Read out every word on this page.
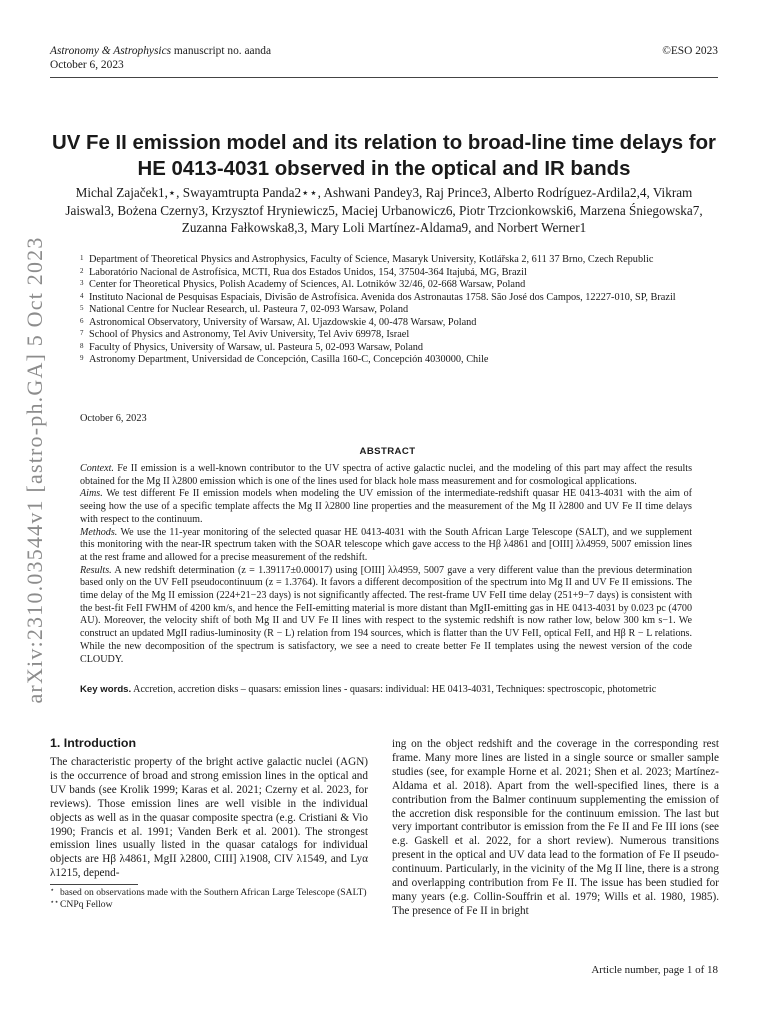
Astronomy & Astrophysics manuscript no. aanda
October 6, 2023
©ESO 2023
arXiv:2310.03544v1 [astro-ph.GA] 5 Oct 2023
UV Fe II emission model and its relation to broad-line time delays for HE 0413-4031 observed in the optical and IR bands
Michal Zajaček1,⋆, Swayamtrupta Panda2⋆⋆, Ashwani Pandey3, Raj Prince3, Alberto Rodríguez-Ardila2,4, Vikram Jaiswal3, Bożena Czerny3, Krzysztof Hryniewicz5, Maciej Urbanowicz6, Piotr Trzcionkowski6, Marzena Śniegowska7, Zuzanna Fałkowska8,3, Mary Loli Martínez-Aldama9, and Norbert Werner1
1 Department of Theoretical Physics and Astrophysics, Faculty of Science, Masaryk University, Kotlářska 2, 611 37 Brno, Czech Republic
2 Laboratório Nacional de Astrofísica, MCTI, Rua dos Estados Unidos, 154, 37504-364 Itajubá, MG, Brazil
3 Center for Theoretical Physics, Polish Academy of Sciences, Al. Lotników 32/46, 02-668 Warsaw, Poland
4 Instituto Nacional de Pesquisas Espaciais, Divisão de Astrofísica. Avenida dos Astronautas 1758. São José dos Campos, 12227-010, SP, Brazil
5 National Centre for Nuclear Research, ul. Pasteura 7, 02-093 Warsaw, Poland
6 Astronomical Observatory, University of Warsaw, Al. Ujazdowskie 4, 00-478 Warsaw, Poland
7 School of Physics and Astronomy, Tel Aviv University, Tel Aviv 69978, Israel
8 Faculty of Physics, University of Warsaw, ul. Pasteura 5, 02-093 Warsaw, Poland
9 Astronomy Department, Universidad de Concepción, Casilla 160-C, Concepción 4030000, Chile
October 6, 2023
ABSTRACT

Context. Fe II emission is a well-known contributor to the UV spectra of active galactic nuclei, and the modeling of this part may affect the results obtained for the Mg II λ2800 emission which is one of the lines used for black hole mass measurement and for cosmological applications.

Aims. We test different Fe II emission models when modeling the UV emission of the intermediate-redshift quasar HE 0413-4031 with the aim of seeing how the use of a specific template affects the Mg II λ2800 line properties and the measurement of the Mg II λ2800 and UV Fe II time delays with respect to the continuum.

Methods. We use the 11-year monitoring of the selected quasar HE 0413-4031 with the South African Large Telescope (SALT), and we supplement this monitoring with the near-IR spectrum taken with the SOAR telescope which gave access to the Hβ λ4861 and [OIII] λλ4959, 5007 emission lines at the rest frame and allowed for a precise measurement of the redshift.

Results. A new redshift determination (z = 1.39117±0.00017) using [OIII] λλ4959, 5007 gave a very different value than the previous determination based only on the UV FeII pseudocontinuum (z = 1.3764). It favors a different decomposition of the spectrum into Mg II and UV Fe II emissions. The time delay of the Mg II emission (224+21−23 days) is not significantly affected. The rest-frame UV FeII time delay (251+9−7 days) is consistent with the best-fit FeII FWHM of 4200 km/s, and hence the FeII-emitting material is more distant than MgII-emitting gas in HE 0413-4031 by 0.023 pc (4700 AU). Moreover, the velocity shift of both Mg II and UV Fe II lines with respect to the systemic redshift is now rather low, below 300 km s−1. We construct an updated MgII radius-luminosity (R − L) relation from 194 sources, which is flatter than the UV FeII, optical FeII, and Hβ R − L relations. While the new decomposition of the spectrum is satisfactory, we see a need to create better Fe II templates using the newest version of the code CLOUDY.

Key words. Accretion, accretion disks – quasars: emission lines - quasars: individual: HE 0413-4031, Techniques: spectroscopic, photometric
1. Introduction

The characteristic property of the bright active galactic nuclei (AGN) is the occurrence of broad and strong emission lines in the optical and UV bands (see Krolik 1999; Karas et al. 2021; Czerny et al. 2023, for reviews). Those emission lines are well visible in the individual objects as well as in the quasar composite spectra (e.g. Cristiani & Vio 1990; Francis et al. 1991; Vanden Berk et al. 2001). The strongest emission lines usually listed in the quasar catalogs for individual objects are Hβ λ4861, MgII λ2800, CIII] λ1908, CIV λ1549, and Lyα λ1215, depend-

ing on the object redshift and the coverage in the corresponding rest frame. Many more lines are listed in a single source or smaller sample studies (see, for example Horne et al. 2021; Shen et al. 2023; Martínez-Aldama et al. 2018). Apart from the well-specified lines, there is a contribution from the Balmer continuum supplementing the emission of the accretion disk responsible for the continuum emission. The last but very important contributor is emission from the Fe II and Fe III ions (see e.g. Gaskell et al. 2022, for a short review). Numerous transitions present in the optical and UV data lead to the formation of Fe II pseudo-continuum. Particularly, in the vicinity of the Mg II line, there is a strong and overlapping contribution from Fe II. The issue has been studied for many years (e.g. Collin-Souffrin et al. 1979; Wills et al. 1980, 1985). The presence of Fe II in bright

⋆ based on observations made with the Southern African Large Telescope (SALT)
⋆⋆ CNPq Fellow
Article number, page 1 of 18
